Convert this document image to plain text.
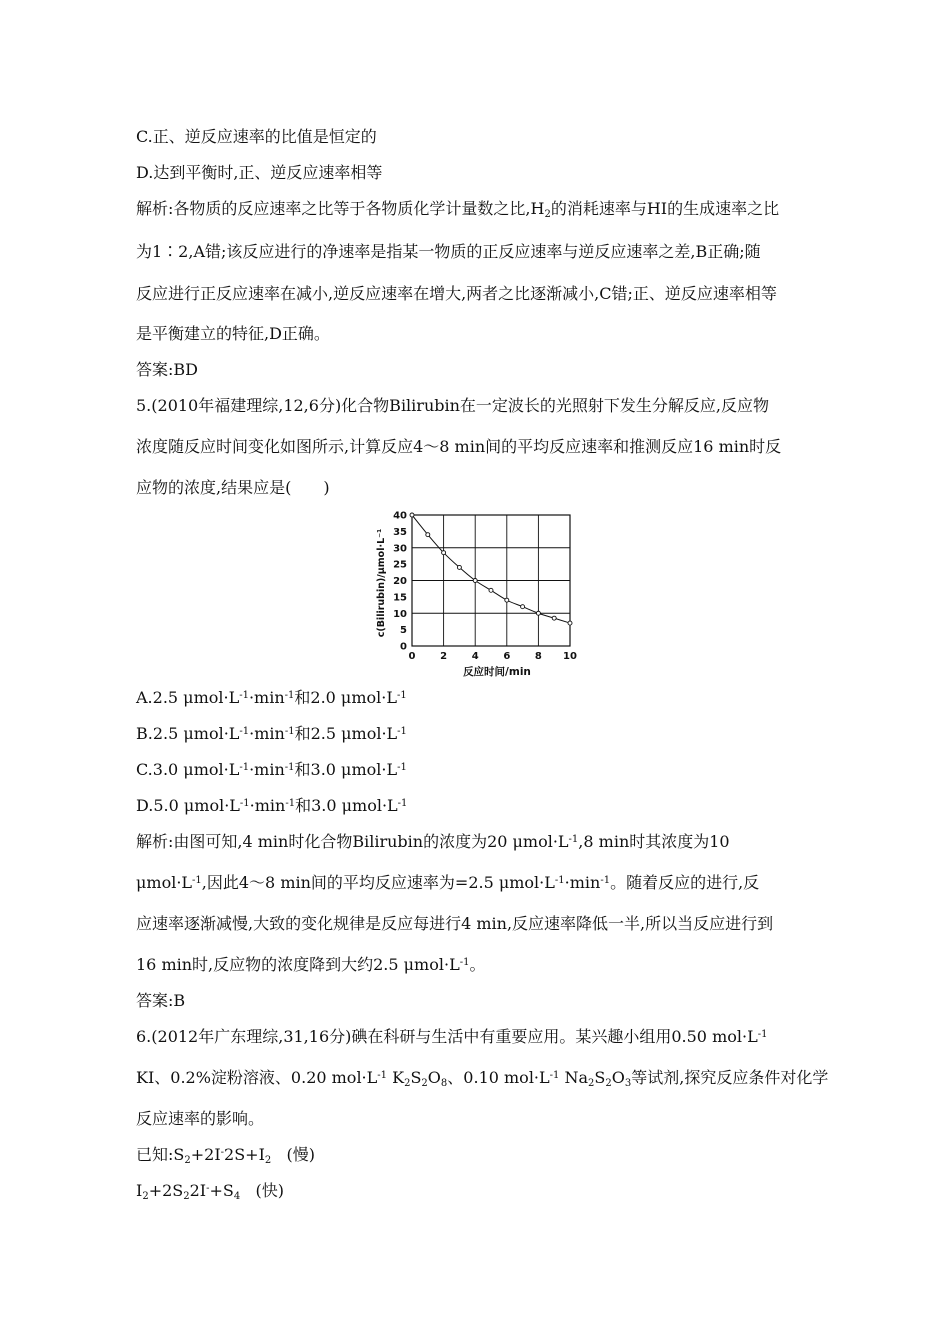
C.正、逆反应速率的比值是恒定的
D.达到平衡时,正、逆反应速率相等
解析:各物质的反应速率之比等于各物质化学计量数之比$,H_2$的消耗速率与HI的生成速率之比
为1∶2,A错;该反应进行的净速率是指某一物质的正反应速率与逆反应速率之差,B正确;随
反应进行正反应速率在减小,逆反应速率在增大,两者之比逐渐减小,C错;正、逆反应速率相等
是平衡建立的特征,D正确。
答案:BD
5.(2010年福建理综,12,6分)化合物Bilirubin在一定波长的光照射下发生分解反应,反应物
浓度随反应时间变化如图所示,计算反应4～8 min间的平均反应速率和推测反应16 min时反
应物的浓度,结果应是(　　)
0
5
10
15
20
25
30
35
40
0 2 4 6 8 10
反应时间/min
c(Bilirubin)/μmol·L⁻¹
A.2.5 $\mu mol\cdot L^{-1}\cdot\min^{-1}$和2.0 $\mu mol\cdot L^{-1}$
B.2.5 $\mu mol\cdot L^{-1}\cdot\min^{-1}$和2.5 $\mu mol\cdot L^{-1}$
C.3.0 $\mu mol\cdot L^{-1}\cdot\min^{-1}$和3.0 $\mu mol\cdot L^{-1}$
D.5.0 $\mu mol\cdot L^{-1}\cdot\min^{-1}$和3.0 $\mu mol\cdot L^{-1}$
解析:由图可知,4 min时化合物Bilirubin的浓度为20 $\mu mol\cdot L^{-1},8$ min时其浓度为10
$\mu mol\cdot L^{-1}$,因此4～8 min间的平均反应速率为=2.5 $\mu mol\cdot L^{-1}\cdot\min^{-1}$。随着反应的进行,反
应速率逐渐减慢,大致的变化规律是反应每进行4 min,反应速率降低一半,所以当反应进行到
16 min时,反应物的浓度降到大约2.5 $\mu mol\cdot L^{-1}$。
答案:B
6.(2012年广东理综,31,16分)碘在科研与生活中有重要应用。某兴趣小组用0.50 $mol\cdot L^{-1}$
KI、0.2%淀粉溶液、0.20 $mol\cdot L^{-1}$ $K_2S_2O_8$、0.10 $mol\cdot L^{-1}$ $Na_2S_2O_3$等试剂,探究反应条件对化学
反应速率的影响。
已知$:S_2+2I^-2S+I_2$ (慢)
$I_2+2S_22I^-+S_4$ (快)
